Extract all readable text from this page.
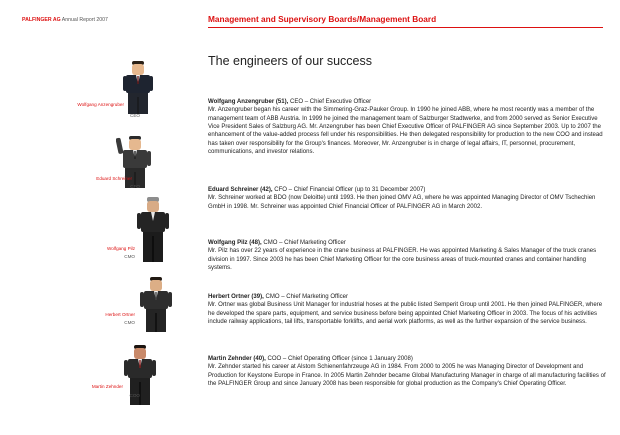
PALFINGER AG Annual Report 2007	Management and Supervisory Boards/Management Board
The engineers of our success
Wolfgang Anzengruber
CEO
Eduard Schreiner
CFO
Wolfgang Pilz
CMO
Herbert Ortner
CMO
Martin Zehnder
COO
Wolfgang Anzengruber (51), CEO – Chief Executive Officer

Mr. Anzengruber began his career with the Simmering-Graz-Pauker Group. In 1990 he joined ABB, where he most recently was a member of the management team of ABB Austria. In 1999 he joined the management team of Salzburger Stadtwerke, and from 2000 served as Senior Executive Vice President Sales of Salzburg AG. Mr. Anzengruber has been Chief Executive Officer of PALFINGER AG since September 2003. Up to 2007 the enhancement of the value-added process fell under his responsibilities. He then delegated responsibility for production to the new COO and instead has taken over responsibility for the Group's finances. Moreover, Mr. Anzengruber is in charge of legal affairs, IT, personnel, procurement, communications, and investor relations.

Eduard Schreiner (42), CFO – Chief Financial Officer (up to 31 December 2007)

Mr. Schreiner worked at BDO (now Deloitte) until 1993. He then joined OMV AG, where he was appointed Managing Director of OMV Tschechien GmbH in 1998. Mr. Schreiner was appointed Chief Financial Officer of PALFINGER AG in March 2002.

Wolfgang Pilz (48), CMO – Chief Marketing Officer

Mr. Pilz has over 22 years of experience in the crane business at PALFINGER. He was appointed Marketing & Sales Manager of the truck cranes division in 1997. Since 2003 he has been Chief Marketing Officer for the core business areas of truck-mounted cranes and container handling systems.

Herbert Ortner (39), CMO – Chief Marketing Officer

Mr. Ortner was global Business Unit Manager for industrial hoses at the public listed Semperit Group until 2001. He then joined PALFINGER, where he developed the spare parts, equipment, and service business before being appointed Chief Marketing Officer in 2003. The focus of his activities include railway applications, tail lifts, transportable forklifts, and aerial work platforms, as well as the further expansion of the service business.

Martin Zehnder (40), COO – Chief Operating Officer (since 1 January 2008)

Mr. Zehnder started his career at Alstom Schienenfahrzeuge AG in 1984. From 2000 to 2005 he was Managing Director of Development and Production for Keystone Europe in France. In 2005 Martin Zehnder became Global Manufacturing Manager in charge of all manufacturing facilities of the PALFINGER Group and since January 2008 has been responsible for global production as the Company's Chief Operating Officer.
